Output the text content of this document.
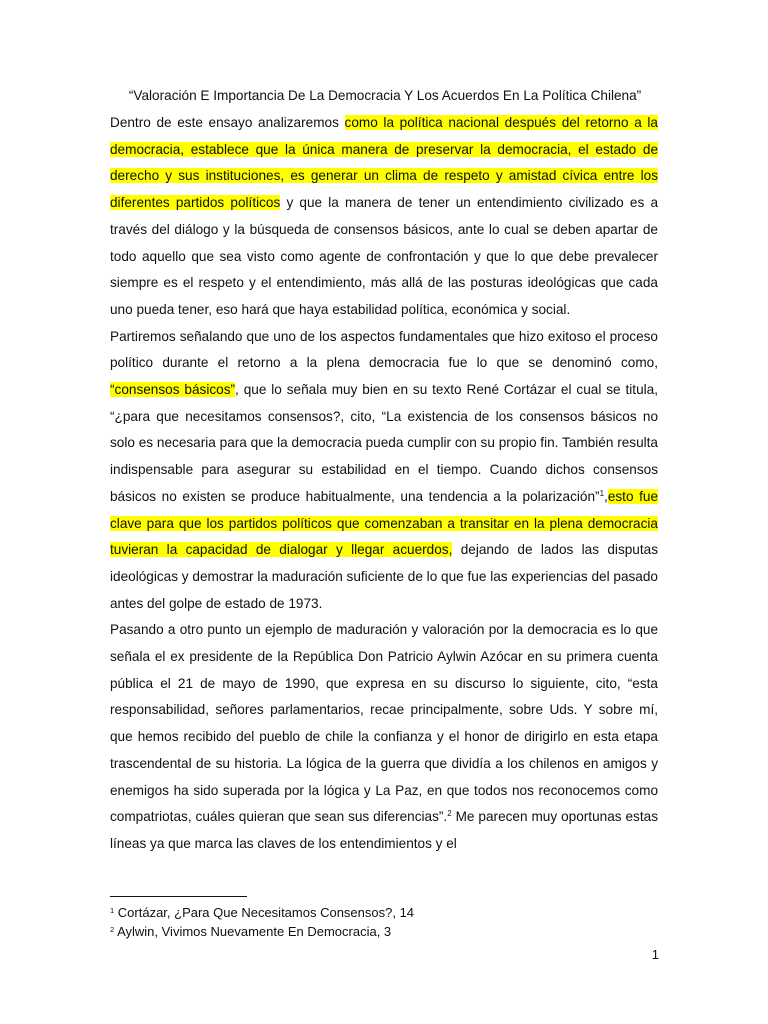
“Valoración E Importancia De La Democracia Y Los Acuerdos En La Política Chilena”

Dentro de este ensayo analizaremos como la política nacional después del retorno a la democracia, establece que la única manera de preservar la democracia, el estado de derecho y sus instituciones, es generar un clima de respeto y amistad cívica entre los diferentes partidos políticos y que la manera de tener un entendimiento civilizado es a través del diálogo y la búsqueda de consensos básicos, ante lo cual se deben apartar de todo aquello que sea visto como agente de confrontación y que lo que debe prevalecer siempre es el respeto y el entendimiento, más allá de las posturas ideológicas que cada uno pueda tener, eso hará que haya estabilidad política, económica y social.

Partiremos señalando que uno de los aspectos fundamentales que hizo exitoso el proceso político durante el retorno a la plena democracia fue lo que se denominó como, “consensos básicos”, que lo señala muy bien en su texto René Cortázar el cual se titula, “¿para que necesitamos consensos?, cito, “La existencia de los consensos básicos no solo es necesaria para que la democracia pueda cumplir con su propio fin. También resulta indispensable para asegurar su estabilidad en el tiempo. Cuando dichos consensos básicos no existen se produce habitualmente, una tendencia a la polarización”$^1$,esto fue clave para que los partidos políticos que comenzaban a transitar en la plena democracia tuvieran la capacidad de dialogar y llegar acuerdos, dejando de lados las disputas ideológicas y demostrar la maduración suficiente de lo que fue las experiencias del pasado antes del golpe de estado de 1973.

Pasando a otro punto un ejemplo de maduración y valoración por la democracia es lo que señala el ex presidente de la República Don Patricio Aylwin Azócar en su primera cuenta pública el 21 de mayo de 1990, que expresa en su discurso lo siguiente, cito, “esta responsabilidad, señores parlamentarios, recae principalmente, sobre Uds. Y sobre mí, que hemos recibido del pueblo de chile la confianza y el honor de dirigirlo en esta etapa trascendental de su historia. La lógica de la guerra que dividía a los chilenos en amigos y enemigos ha sido superada por la lógica y La Paz, en que todos nos reconocemos como compatriotas, cuáles quieran que sean sus diferencias”.$^2$ Me parecen muy oportunas estas líneas ya que marca las claves de los entendimientos y el

$^1$ Cortázar, ¿Para Que Necesitamos Consensos?, 14
$^2$ Aylwin, Vivimos Nuevamente En Democracia, 3
1
